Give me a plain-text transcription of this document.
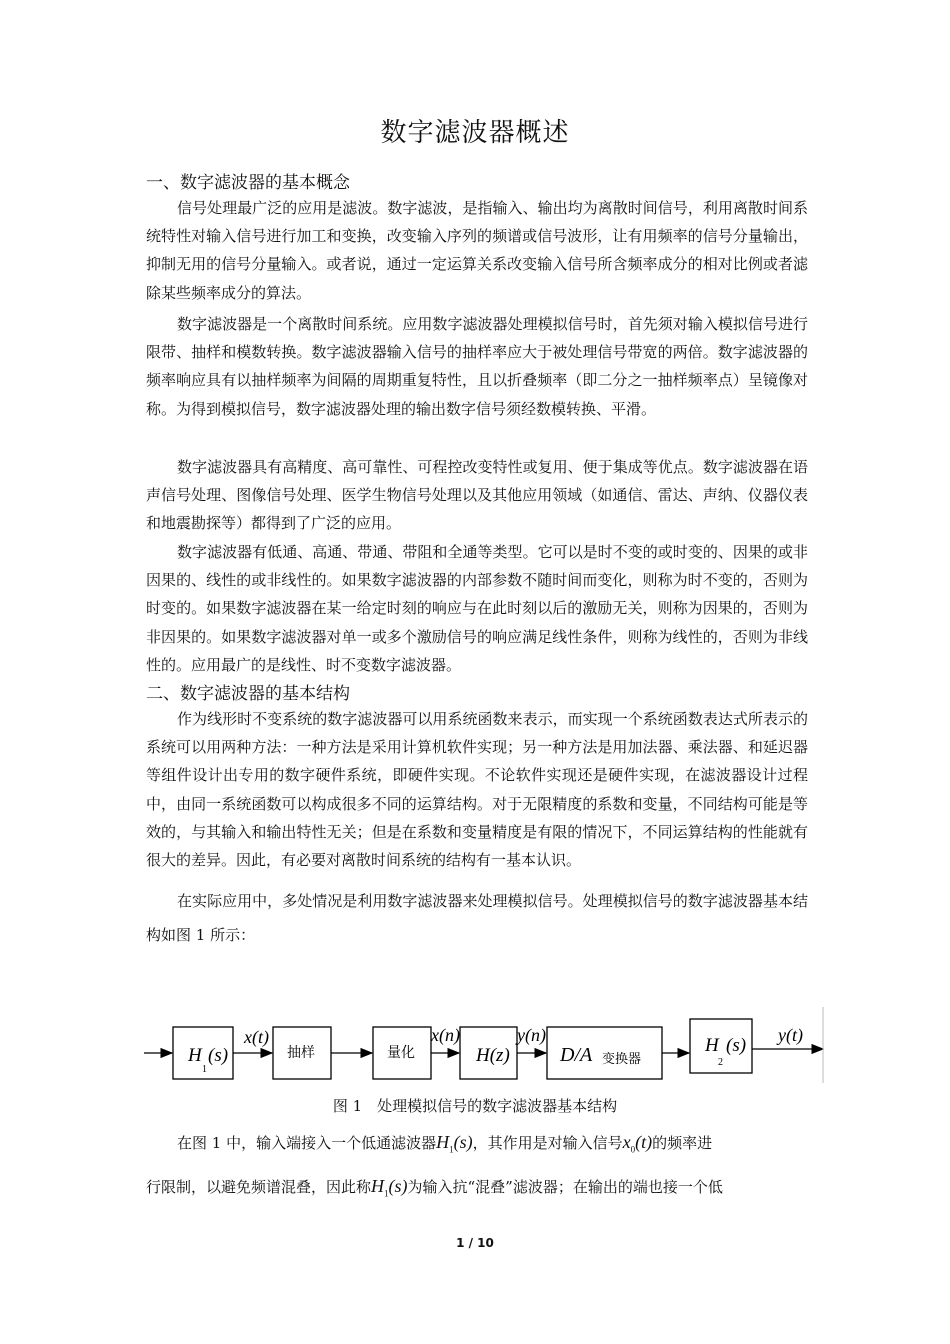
数字滤波器概述
一、数字滤波器的基本概念

信号处理最广泛的应用是滤波。数字滤波，是指输入、输出均为离散时间信号，利用离散时间系统特性对输入信号进行加工和变换，改变输入序列的频谱或信号波形，让有用频率的信号分量输出，抑制无用的信号分量输入。或者说，通过一定运算关系改变输入信号所含频率成分的相对比例或者滤除某些频率成分的算法。

数字滤波器是一个离散时间系统。应用数字滤波器处理模拟信号时，首先须对输入模拟信号进行限带、抽样和模数转换。数字滤波器输入信号的抽样率应大于被处理信号带宽的两倍。数字滤波器的频率响应具有以抽样频率为间隔的周期重复特性，且以折叠频率（即二分之一抽样频率点）呈镜像对称。为得到模拟信号，数字滤波器处理的输出数字信号须经数模转换、平滑。

数字滤波器具有高精度、高可靠性、可程控改变特性或复用、便于集成等优点。数字滤波器在语声信号处理、图像信号处理、医学生物信号处理以及其他应用领域（如通信、雷达、声纳、仪器仪表和地震勘探等）都得到了广泛的应用。

数字滤波器有低通、高通、带通、带阻和全通等类型。它可以是时不变的或时变的、因果的或非因果的、线性的或非线性的。如果数字滤波器的内部参数不随时间而变化，则称为时不变的，否则为时变的。如果数字滤波器在某一给定时刻的响应与在此时刻以后的激励无关，则称为因果的，否则为非因果的。如果数字滤波器对单一或多个激励信号的响应满足线性条件，则称为线性的，否则为非线性的。应用最广的是线性、时不变数字滤波器。

二、数字滤波器的基本结构

作为线形时不变系统的数字滤波器可以用系统函数来表示，而实现一个系统函数表达式所表示的系统可以用两种方法：一种方法是采用计算机软件实现；另一种方法是用加法器、乘法器、和延迟器等组件设计出专用的数字硬件系统，即硬件实现。不论软件实现还是硬件实现，在滤波器设计过程中，由同一系统函数可以构成很多不同的运算结构。对于无限精度的系数和变量，不同结构可能是等效的，与其输入和输出特性无关；但是在系数和变量精度是有限的情况下，不同运算结构的性能就有很大的差异。因此，有必要对离散时间系统的结构有一基本认识。

在实际应用中，多处情况是利用数字滤波器来处理模拟信号。处理模拟信号的数字滤波器基本结构如图 1 所示：

H
1
(s)
x(t)
抽样	量化
x(n)
H(z)
y(n)
D/A 变换器
H
2
(s) y(t)
图 1　处理模拟信号的数字滤波器基本结构
在图 1 中，输入端接入一个低通滤波器$H_1(s)$，其作用是对输入信号$x_0(t)$的频率进
行限制，以避免频谱混叠，因此称$H_1(s)$为输入抗“混叠”滤波器；在输出的端也接一个低
1 / 10
